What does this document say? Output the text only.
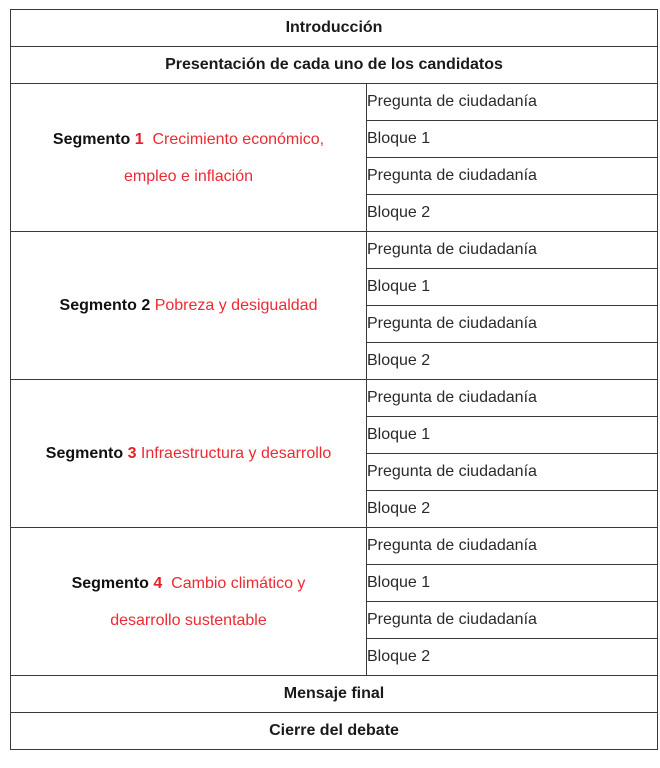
Introducción	
Presentación de cada uno de los candidatos	

Segmento 1 Crecimiento económico,
empleo e inflación	Pregunta de ciudadanía
	Bloque 1
	Pregunta de ciudadanía
	Bloque 2

Segmento 2 Pobreza y desigualdad	Pregunta de ciudadanía
	Bloque 1
	Pregunta de ciudadanía
	Bloque 2

Segmento 3 Infraestructura y desarrollo	Pregunta de ciudadanía
	Bloque 1
	Pregunta de ciudadanía
	Bloque 2

Segmento 4 Cambio climático y
desarrollo sustentable	Pregunta de ciudadanía
	Bloque 1
	Pregunta de ciudadanía
	Bloque 2
Mensaje final	
Cierre del debate	
